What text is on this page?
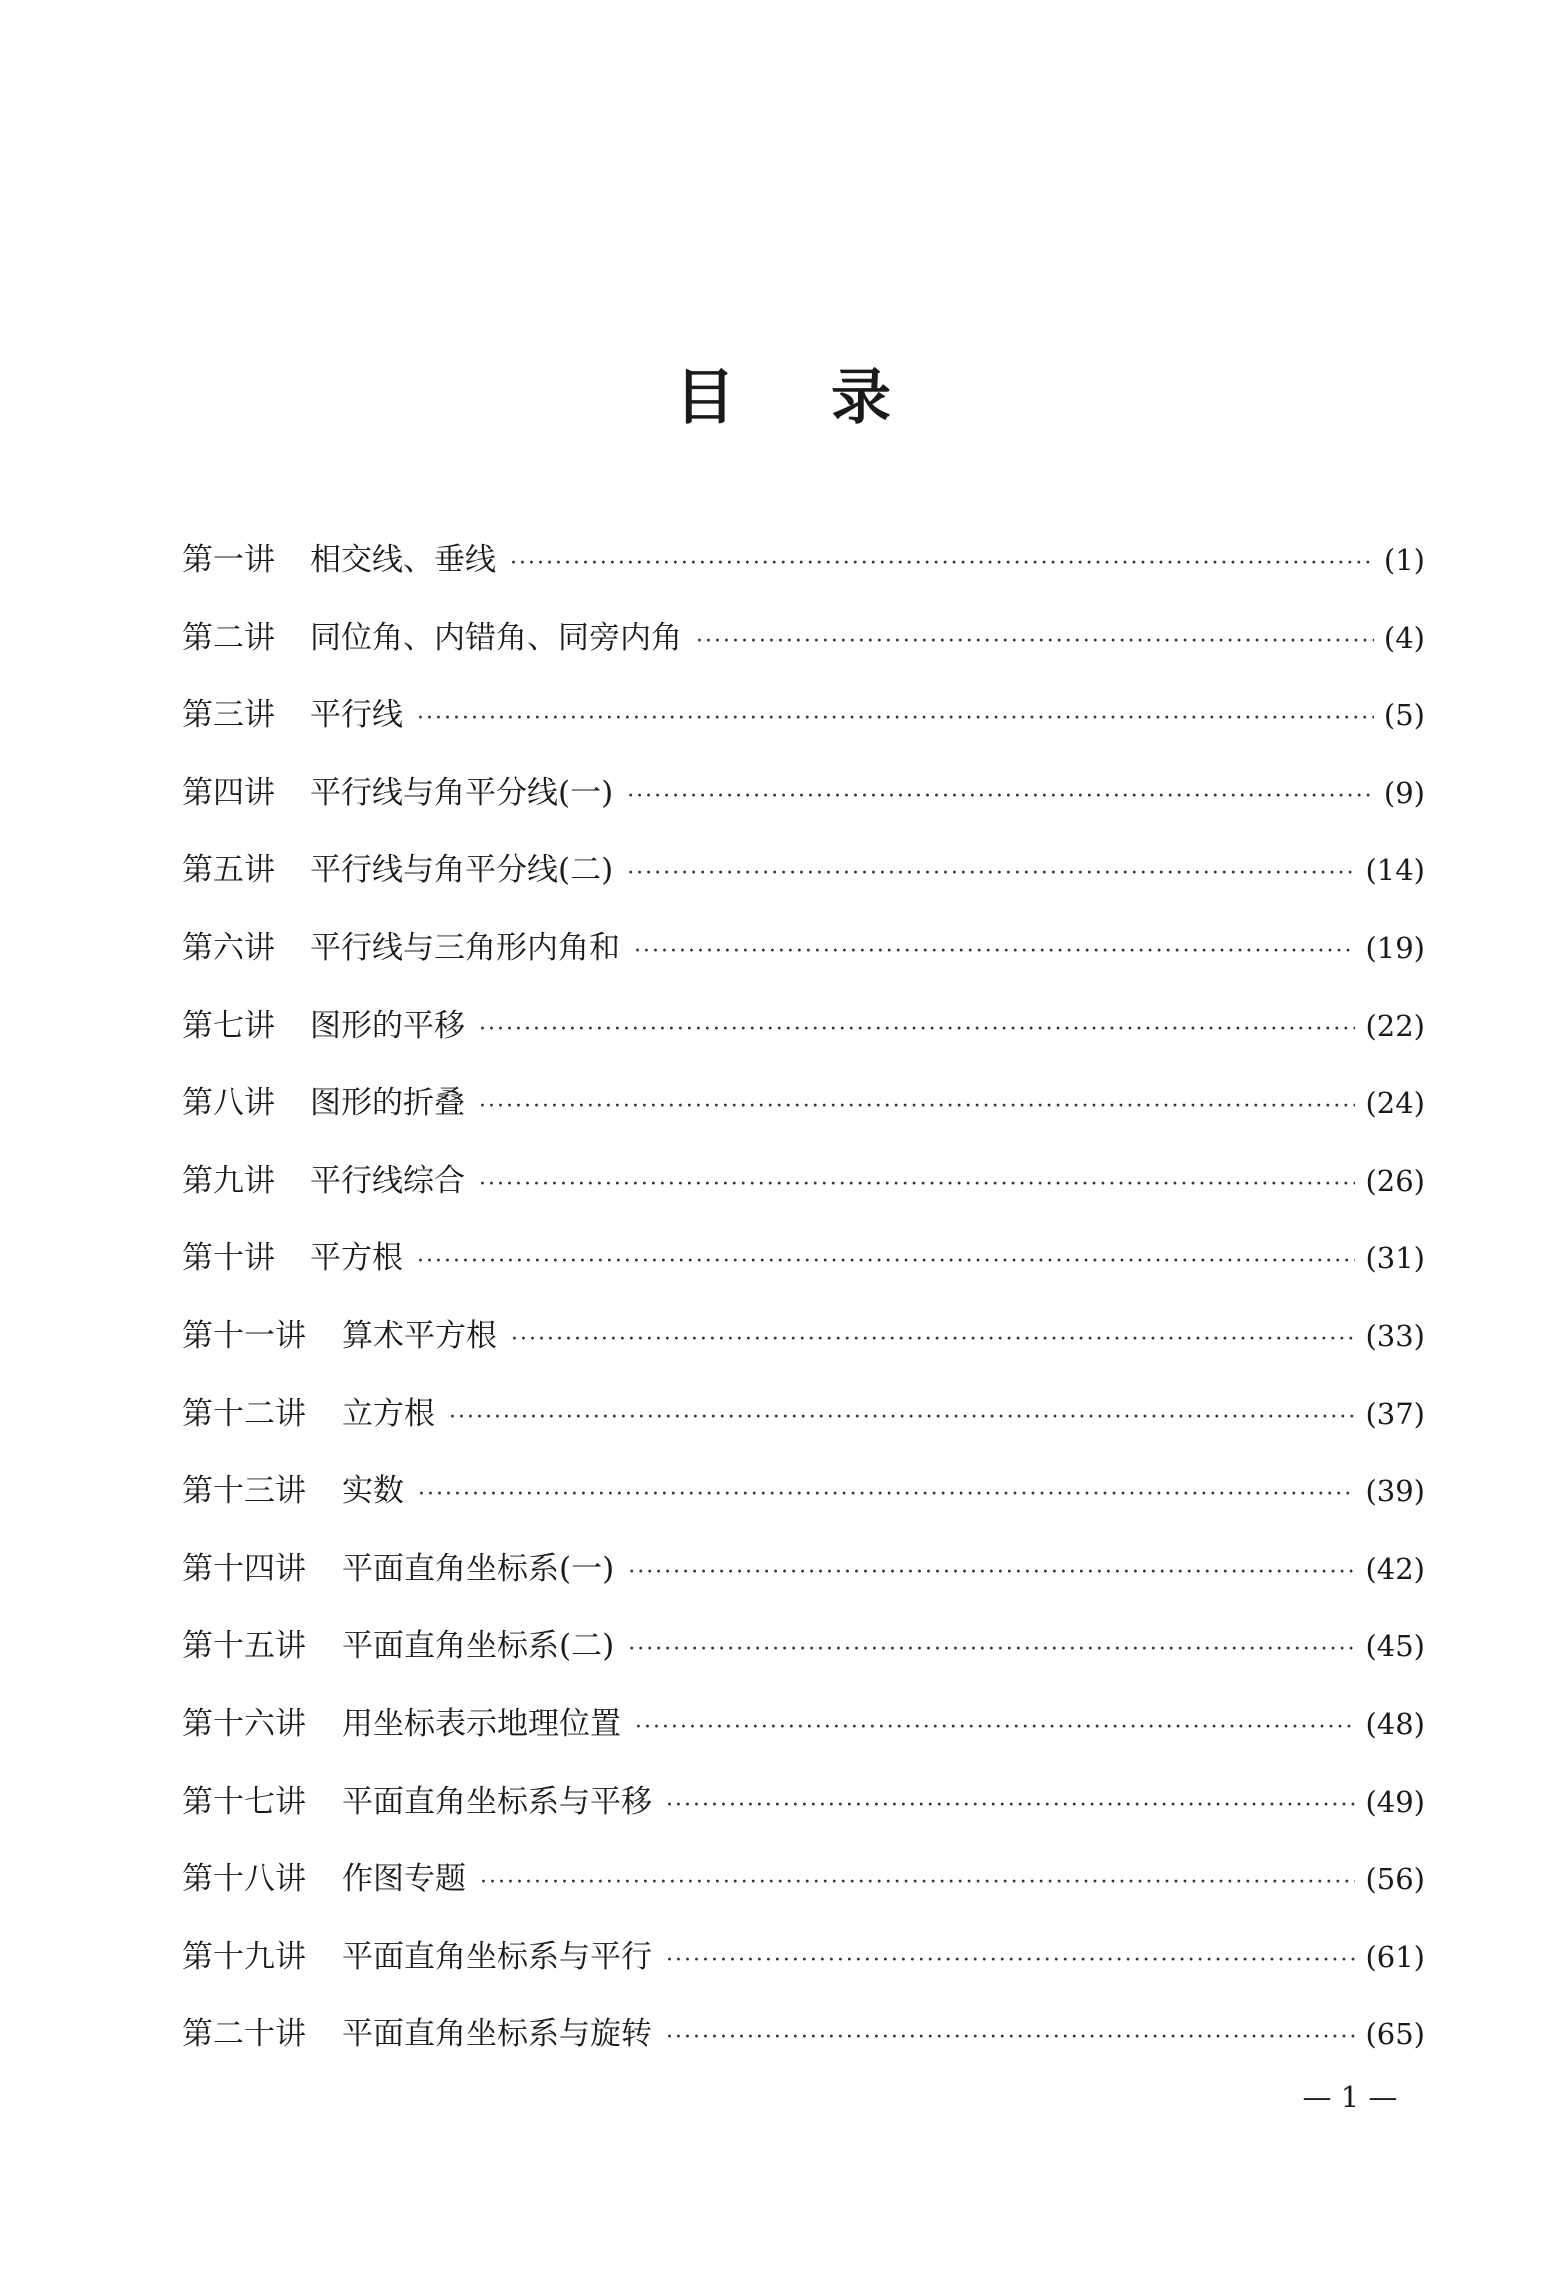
目录
第一讲	相交线、垂线 ·····	(1)
第二讲	同位角、内错角、同旁内角 ·····	(4)
第三讲	平行线 ·····	(5)
第四讲	平行线与角平分线(一) ·····	(9)
第五讲	平行线与角平分线(二) ·····	(14)
第六讲	平行线与三角形内角和 ·····	(19)
第七讲	图形的平移 ·····	(22)
第八讲	图形的折叠 ·····	(24)
第九讲	平行线综合 ·····	(26)
第十讲	平方根 ·····	(31)
第十一讲	算术平方根 ·····	(33)
第十二讲	立方根 ·····	(37)
第十三讲	实数 ·····	(39)
第十四讲	平面直角坐标系(一) ·····	(42)
第十五讲	平面直角坐标系(二) ·····	(45)
第十六讲	用坐标表示地理位置 ·····	(48)
第十七讲	平面直角坐标系与平移 ·····	(49)
第十八讲	作图专题 ·····	(56)
第十九讲	平面直角坐标系与平行 ·····	(61)
第二十讲	平面直角坐标系与旋转 ·····	(65)
— 1 —
